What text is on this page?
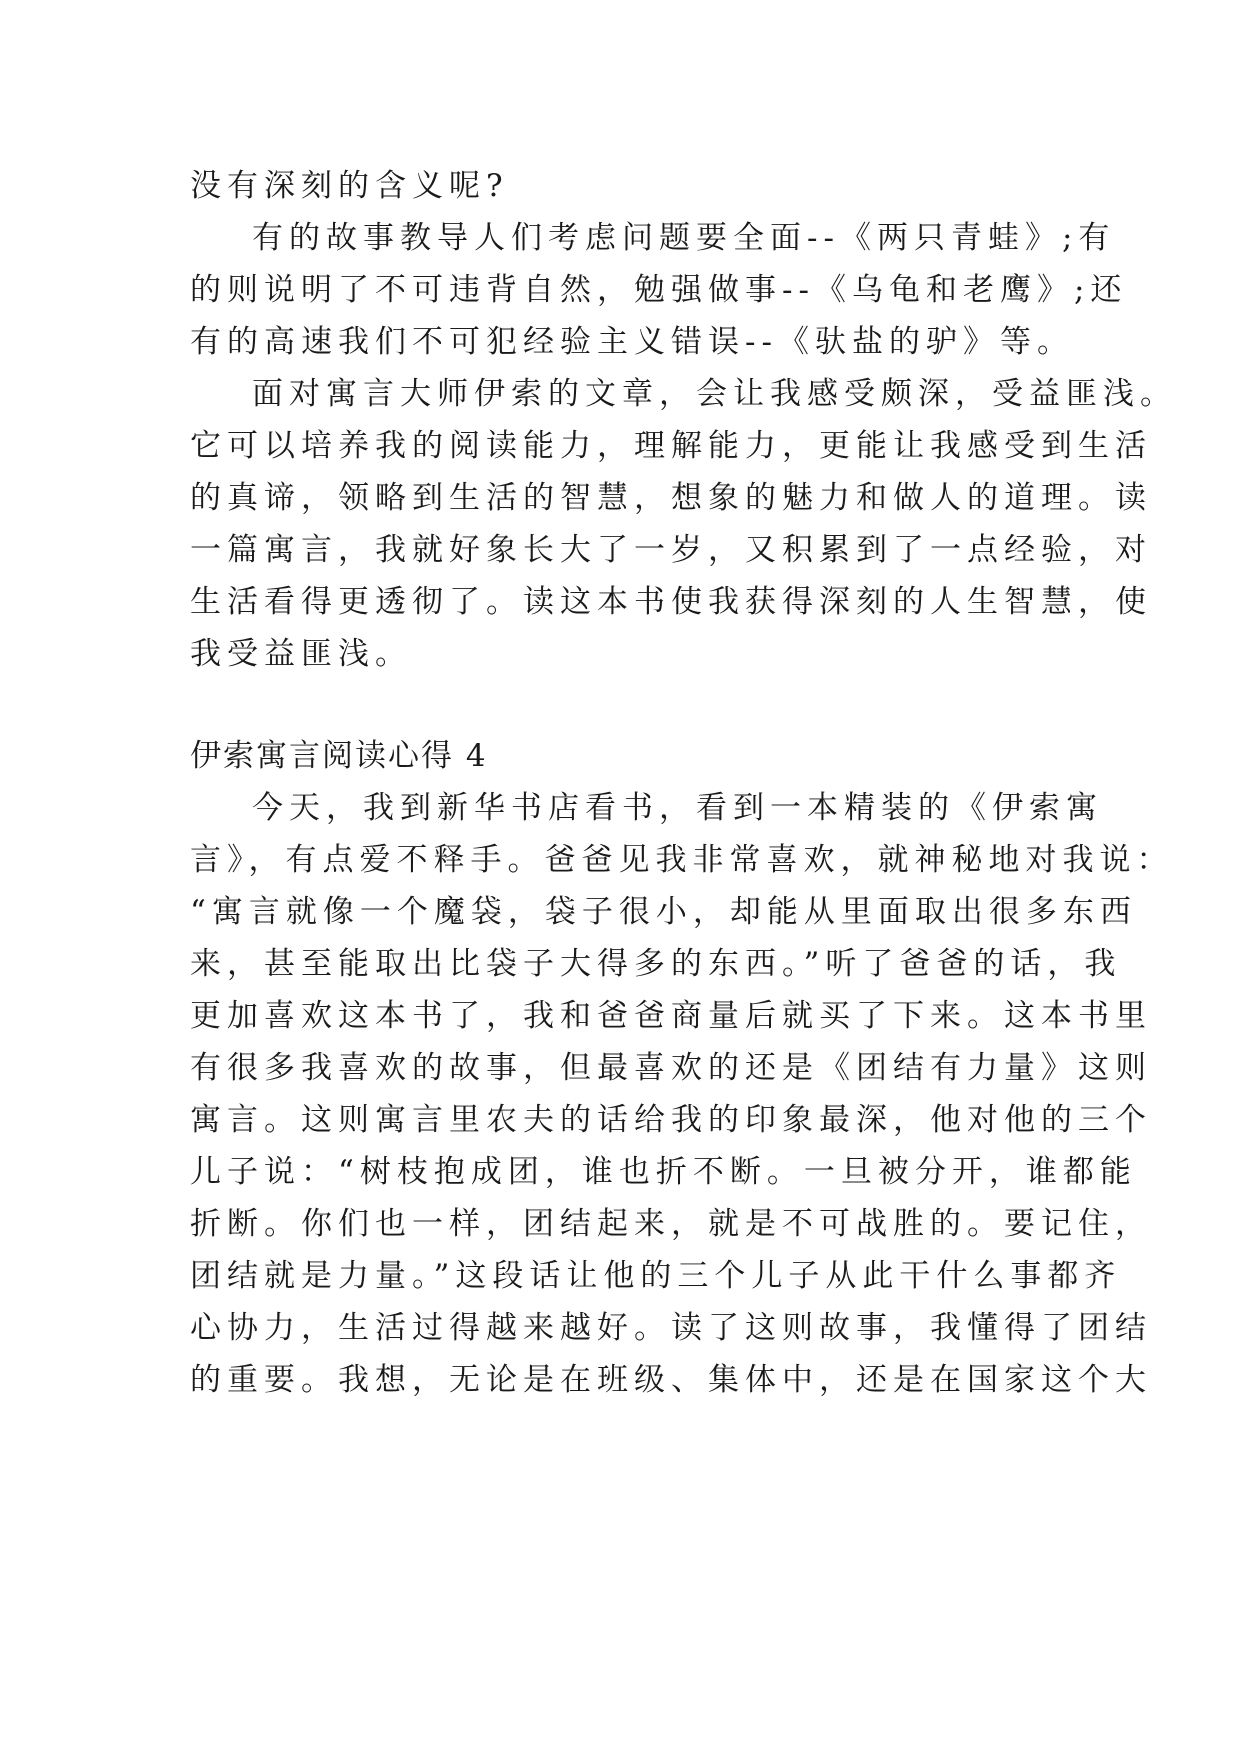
没有深刻的含义呢?
有的故事教导人们考虑问题要全面--《两只青蛙》;有
的则说明了不可违背自然，勉强做事--《乌龟和老鹰》;还
有的高速我们不可犯经验主义错误--《驮盐的驴》等。
面对寓言大师伊索的文章，会让我感受颇深，受益匪浅。
它可以培养我的阅读能力，理解能力，更能让我感受到生活
的真谛，领略到生活的智慧，想象的魅力和做人的道理。读
一篇寓言，我就好象长大了一岁，又积累到了一点经验，对
生活看得更透彻了。读这本书使我获得深刻的人生智慧，使
我受益匪浅。
伊索寓言阅读心得 4
今天，我到新华书店看书，看到一本精装的《伊索寓
言》，有点爱不释手。爸爸见我非常喜欢，就神秘地对我说：
“寓言就像一个魔袋，袋子很小，却能从里面取出很多东西
来，甚至能取出比袋子大得多的东西。”听了爸爸的话，我
更加喜欢这本书了，我和爸爸商量后就买了下来。这本书里
有很多我喜欢的故事，但最喜欢的还是《团结有力量》这则
寓言。这则寓言里农夫的话给我的印象最深，他对他的三个
儿子说：“树枝抱成团，谁也折不断。一旦被分开，谁都能
折断。你们也一样，团结起来，就是不可战胜的。要记住，
团结就是力量。”这段话让他的三个儿子从此干什么事都齐
心协力，生活过得越来越好。读了这则故事，我懂得了团结
的重要。我想，无论是在班级、集体中，还是在国家这个大
